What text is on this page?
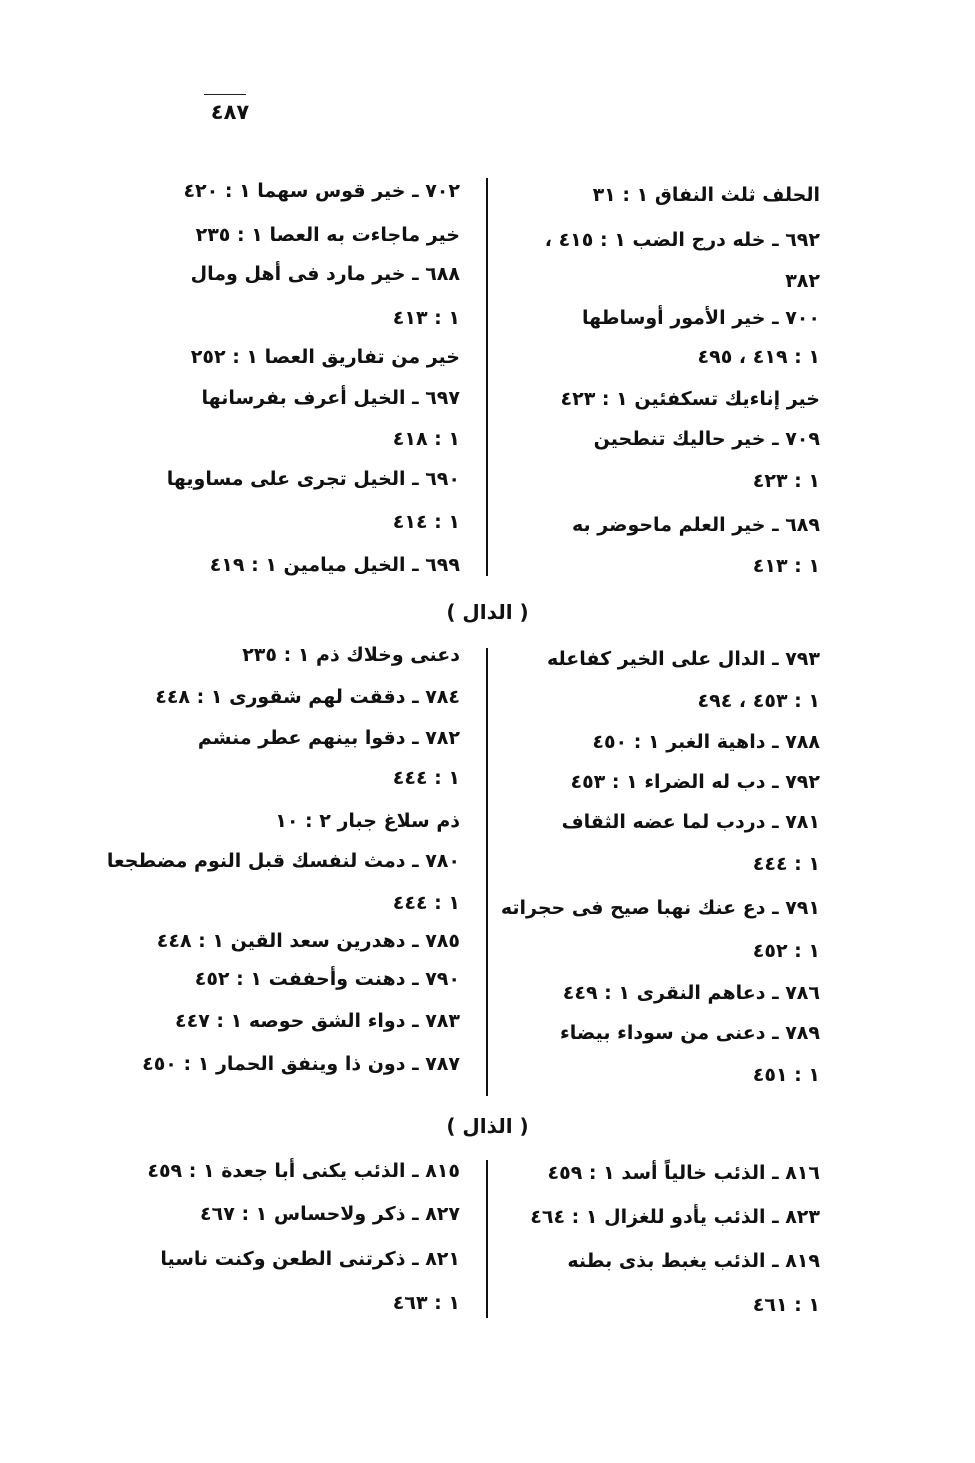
٤٨٧
الحلف ثلث النفاق ١ : ٣١
٦٩٢ ـ خله درج الضب ١ : ٤١٥ ،
٣٨٢
٧٠٠ ـ خير الأمور أوساطها
١ : ٤١٩ ، ٤٩٥
خير إناءيك تسكفئين ١ : ٤٢٣
٧٠٩ ـ خير حاليك تنطحين
١ : ٤٢٣
٦٨٩ ـ خير العلم ماحوضر به
١ : ٤١٣
٧٠٢ ـ خير قوس سهما ١ : ٤٢٠
خير ماجاءت به العصا ١ : ٢٣٥
٦٨٨ ـ خير مارد فى أهل ومال
١ : ٤١٣
خير من تفاريق العصا ١ : ٢٥٢
٦٩٧ ـ الخيل أعرف بفرسانها
١ : ٤١٨
٦٩٠ ـ الخيل تجرى على مساويها
١ : ٤١٤
٦٩٩ ـ الخيل ميامين ١ : ٤١٩
( الدال )
٧٩٣ ـ الدال على الخير كفاعله
١ : ٤٥٣ ، ٤٩٤
٧٨٨ ـ داهية الغبر ١ : ٤٥٠
٧٩٢ ـ دب له الضراء ١ : ٤٥٣
٧٨١ ـ دردب لما عضه الثقاف
١ : ٤٤٤
٧٩١ ـ دع عنك نهبا صيح فى حجراته
١ : ٤٥٢
٧٨٦ ـ دعاهم النقرى ١ : ٤٤٩
٧٨٩ ـ دعنى من سوداء بيضاء
١ : ٤٥١
دعنى وخلاك ذم ١ : ٢٣٥
٧٨٤ ـ دققت لهم شقورى ١ : ٤٤٨
٧٨٢ ـ دقوا بينهم عطر منشم
١ : ٤٤٤
ذم سلاغ جبار ٢ : ١٠
٧٨٠ ـ دمث لنفسك قبل النوم مضطجعا
١ : ٤٤٤
٧٨٥ ـ دهدرين سعد القين ١ : ٤٤٨
٧٩٠ ـ دهنت وأحففت ١ : ٤٥٢
٧٨٣ ـ دواء الشق حوصه ١ : ٤٤٧
٧٨٧ ـ دون ذا وينفق الحمار ١ : ٤٥٠
( الذال )
٨١٦ ـ الذئب خالياً أسد ١ : ٤٥٩
٨٢٣ ـ الذئب يأدو للغزال ١ : ٤٦٤
٨١٩ ـ الذئب يغبط بذى بطنه
١ : ٤٦١
٨١٥ ـ الذئب يكنى أبا جعدة ١ : ٤٥٩
٨٢٧ ـ ذكر ولاحساس ١ : ٤٦٧
٨٢١ ـ ذكرتنى الطعن وكنت ناسيا
١ : ٤٦٣
